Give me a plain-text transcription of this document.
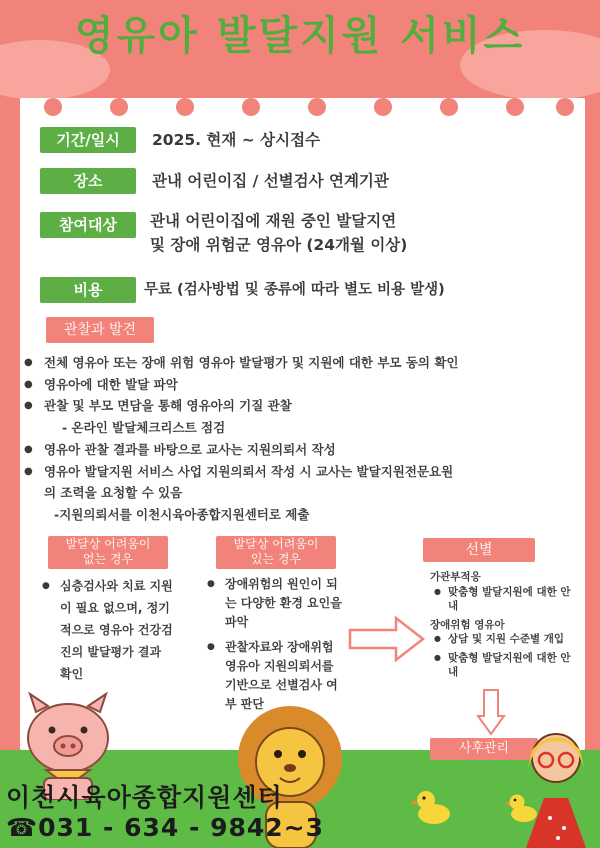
영유아 발달지원 서비스
기간/일시	2025. 현재 ~ 상시접수
장소	관내 어린이집 / 선별검사 연계기관
참여대상	관내 어린이집에 재원 중인 발달지연
및 장애 위험군 영유아 (24개월 이상)
비용	무료 (검사방법 및 종류에 따라 별도 비용 발생)
관찰과 발견
● 전체 영유아 또는 장애 위험 영유아 발달평가 및 지원에 대한 부모 동의 확인
● 영유아에 대한 발달 파악
● 관찰 및 부모 면담을 통해 영유아의 기질 관찰
- 온라인 발달체크리스트 점검
● 영유아 관찰 결과를 바탕으로 교사는 지원의뢰서 작성
● 영유아 발달지원 서비스 사업 지원의뢰서 작성 시 교사는 발달지원전문요원
의 조력을 요청할 수 있음
-지원의뢰서를 이천시육아종합지원센터로 제출
발달상 어려움이
없는 경우
● 심층검사와 치료 지원이 필요 없으며, 정기적으로 영유아 건강검진의 발달평가 결과 확인
발달상 어려움이
있는 경우
● 장애위험의 원인이 되는 다양한 환경 요인을 파악
● 관찰자료와 장애위험 영유아 지원의뢰서를 기반으로 선별검사 여부 판단
선별
가관부적응
● 맞춤형 발달지원에 대한 안내
장애위험 영유아
● 상담 및 지원 수준별 개입
● 맞춤형 발달지원에 대한 안내
사후관리
이천시육아종합지원센터
☎031 - 634 - 9842~3
